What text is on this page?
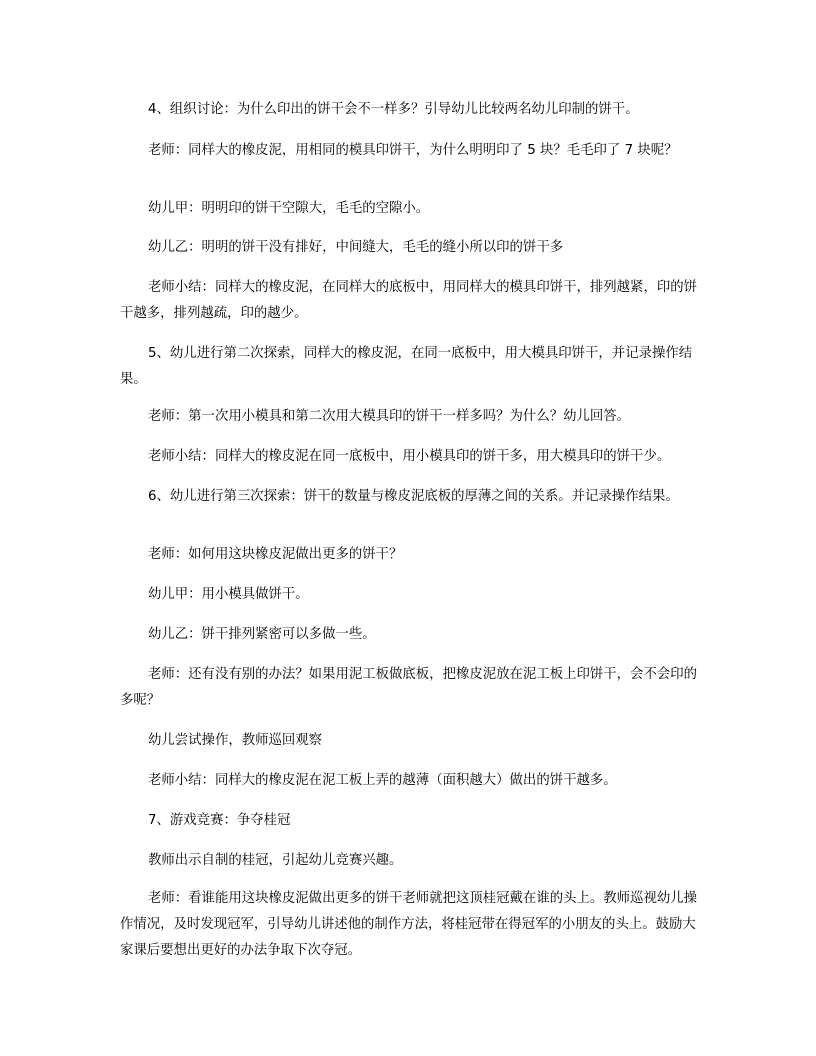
4、组织讨论：为什么印出的饼干会不一样多？引导幼儿比较两名幼儿印制的饼干。

老师：同样大的橡皮泥，用相同的模具印饼干，为什么明明印了 5 块？毛毛印了 7 块呢？

幼儿甲：明明印的饼干空隙大，毛毛的空隙小。

幼儿乙：明明的饼干没有排好，中间缝大，毛毛的缝小所以印的饼干多

老师小结：同样大的橡皮泥，在同样大的底板中，用同样大的模具印饼干，排列越紧，印的饼干越多，排列越疏，印的越少。

5、幼儿进行第二次探索，同样大的橡皮泥，在同一底板中，用大模具印饼干，并记录操作结果。

老师：第一次用小模具和第二次用大模具印的饼干一样多吗？为什么？幼儿回答。

老师小结：同样大的橡皮泥在同一底板中，用小模具印的饼干多，用大模具印的饼干少。

6、幼儿进行第三次探索：饼干的数量与橡皮泥底板的厚薄之间的关系。并记录操作结果。

老师：如何用这块橡皮泥做出更多的饼干？

幼儿甲：用小模具做饼干。

幼儿乙：饼干排列紧密可以多做一些。

老师：还有没有别的办法？如果用泥工板做底板，把橡皮泥放在泥工板上印饼干，会不会印的多呢？

幼儿尝试操作，教师巡回观察

老师小结：同样大的橡皮泥在泥工板上弄的越薄（面积越大）做出的饼干越多。

7、游戏竞赛：争夺桂冠

教师出示自制的桂冠，引起幼儿竞赛兴趣。

老师：看谁能用这块橡皮泥做出更多的饼干老师就把这顶桂冠戴在谁的头上。教师巡视幼儿操作情况，及时发现冠军，引导幼儿讲述他的制作方法，将桂冠带在得冠军的小朋友的头上。鼓励大家课后要想出更好的办法争取下次夺冠。
